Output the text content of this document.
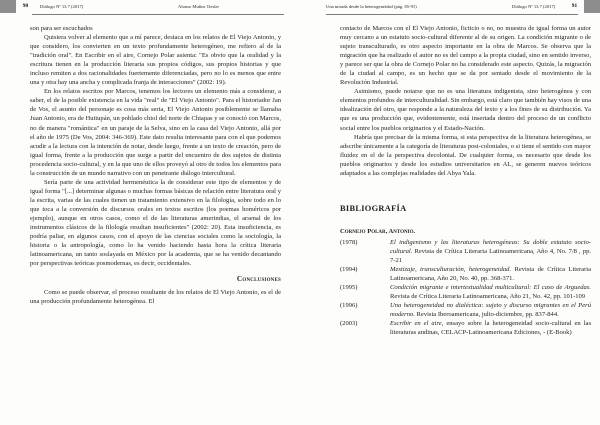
90	Diálogo Nº 13.7 (2017)	Alonso Muñoz Tiesler

son para ser escuchados

Quisiera volver al elemento que a mí parece, destaca en los relatos de El Viejo Antonio, y que considero, los convierten en un texto profundamente heterogéneo, me refiero al de la "tradición oral". En Escribir en el aire, Cornejo Polar asienta: "Es obvio que la oralidad y la escritura tienen en la producción literaria sus propios códigos, sus propios historias y que incluso remiten a dos racionalidades fuertemente diferenciadas, pero no lo es menos que entre una y otra hay una ancha y complicada franja de interacciones" (2002: 19).

En los relatos escritos por Marcos, tenemos los lectores un elemento más a considerar, a saber, el de la posible existencia en la vida "real" de "El Viejo Antonio". Para el historiador Jan de Vos, el asunto del personaje es cosa más seria, El Viejo Antonio posiblemente se llamaba Juan Antonio, era de Huitupán, un poblado chiol del norte de Chiapas y se conoció con Marcos, no de manera "romántica" en un paraje de la Selva, sino en la casa del Viejo Antonio, allá por el año de 1975 (De Vos, 2004: 346-369). Este dato resulta interesante para con el que podemos acudir a la lectura con la intención de notar, desde luego, frente a un texto de creación, pero de igual forma, frente a la producción que surge a partir del encuentro de dos sujetos de distinta procedencia socio-cultural, y en la que uno de ellos proveyó al otro de todos los elementos para la construcción de un mundo narrativo con un penetrante diálogo intercultural.

Sería parte de una actividad hermenéutica la de considerar este tipo de elementos y de igual forma "[...] determinar algunas o muchas formas básicas de relación entre literatura oral y la escrita, varias de las cuales tienen un tratamiento extensivo en la filología, sobre todo en lo que toca a la conversión de discursos orales en textos escritos (los poemas homéricos por ejemplo), aunque en otros casos, como el de las literaturas amerindias, el arsenal de los instrumentos clásicos de la filología resultan insuficientes" (2002: 20). Esta insuficiencia, es podría paliar, en algunos casos, con el apoyo de las ciencias sociales como la sociología, la historia o la antropología, como lo ha venido haciendo hasta hora la crítica literaria latinoamericana, un tanto soslayada en México por la academia, que se ha venido decantando por perspectivas teóricas posmodernas, es decir, occidentales.

Conclusiones

Como se puede observar, el proceso resultante de los relatos de El Viejo Antonio, es el de una producción profundamente heterogénea. El

Una mirada desde la heterogeneidad (pág. 85-91)	Diálogo Nº 13.7 (2017)	91

contacto de Marcos con el El Viejo Antonio, ficticio o no, no muestra de igual forma un autor muy cercano a un estatuto socio-cultural diferente al de su origen. La condición migrante o de sujeto transculturado, es otro aspecto importante en la obra de Marcos. Se observa que la migración que ha realizado el autor no es del campo a la propia ciudad, sino en sentido inverso, y parece ser que la obra de Cornejo Polar no ha considerado este aspecto. Quizás, la migración de la ciudad al campo, es un hecho que se da por sentado desde el movimiento de la Revolución Industrial.

Asimismo, puede notarse que no es una literatura indigenista, sino heterogénea y con elementos profundos de interculturalidad. Sin embargo, está claro que también hay visos de una idealización del otro, que responde a la naturaleza del texto y a los fines de su distribución. Ya que es una producción que, evidentemente, está insertada dentro del proceso de un conflicto social entre los pueblos originarios y el Estado-Nación.

Habría que precisar de la misma forma, si esta perspectiva de la literatura heterogénea, se adscribe únicamente a la categoría de literaturas post-coloniales, o si tiene el sentido con mayor fluidez en el de la perspectiva decolonial. De cualquier forma, es necesario que desde los pueblos originarios y desde los estudios universitarios en AL, se generen nuevos teóricos adaptados a las complejas realidades del Abya Yala.

BIBLIOGRAFÍA

Cornejo Polar, Antonio.

(1978)	El indigenismo y las literaturas heterogéneas: Su doble estatuto socio-cultural. Revista de Crítica Literaria Latinoamericana, Año 4, No. 7/8 , pp. 7-21
(1994)	Mestizaje, transculturación, heterogeneidad. Revista de Crítica Literaria Latinoamericana, Año 20, No. 40, pp. 368-371.
(1995)	Condición migrante e intertextualidad multicultural: El caso de Arguedas. Revista de Crítica Literaria Latinoamericana, Año 21, No. 42, pp. 101-109
(1996)	Una heterogeneidad no dialéctica: sujeto y discurso migrantes en el Perú moderno. Revista Iberoamericana, julio-diciembre, pp. 837-844.
(2003)	Escribir en el aire, ensayo sobre la heterogeneidad socio-cultural en las literaturas andinas, CELACP-Latinoamericana Ediciones, - (E-Book)
